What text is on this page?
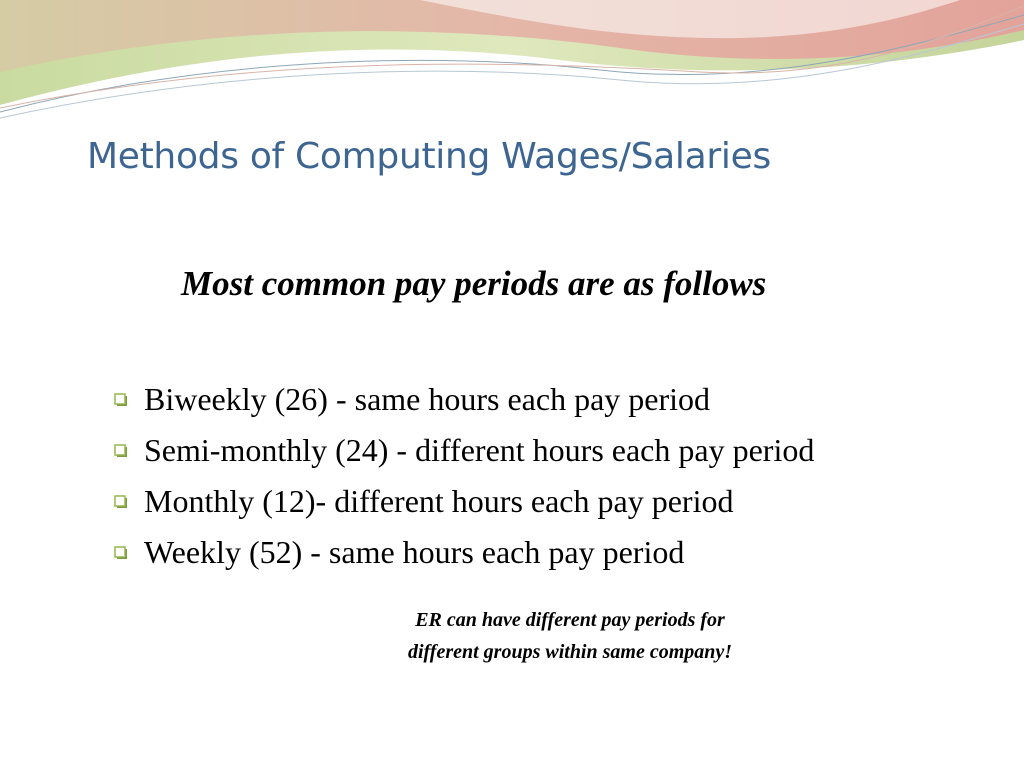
Methods of Computing Wages/Salaries
Most common pay periods are as follows
Biweekly (26) - same hours each pay period
Semi-monthly (24) - different hours each pay period
Monthly (12)- different hours each pay period
Weekly (52) - same hours each pay period
ER can have different pay periods for
different groups within same company!
